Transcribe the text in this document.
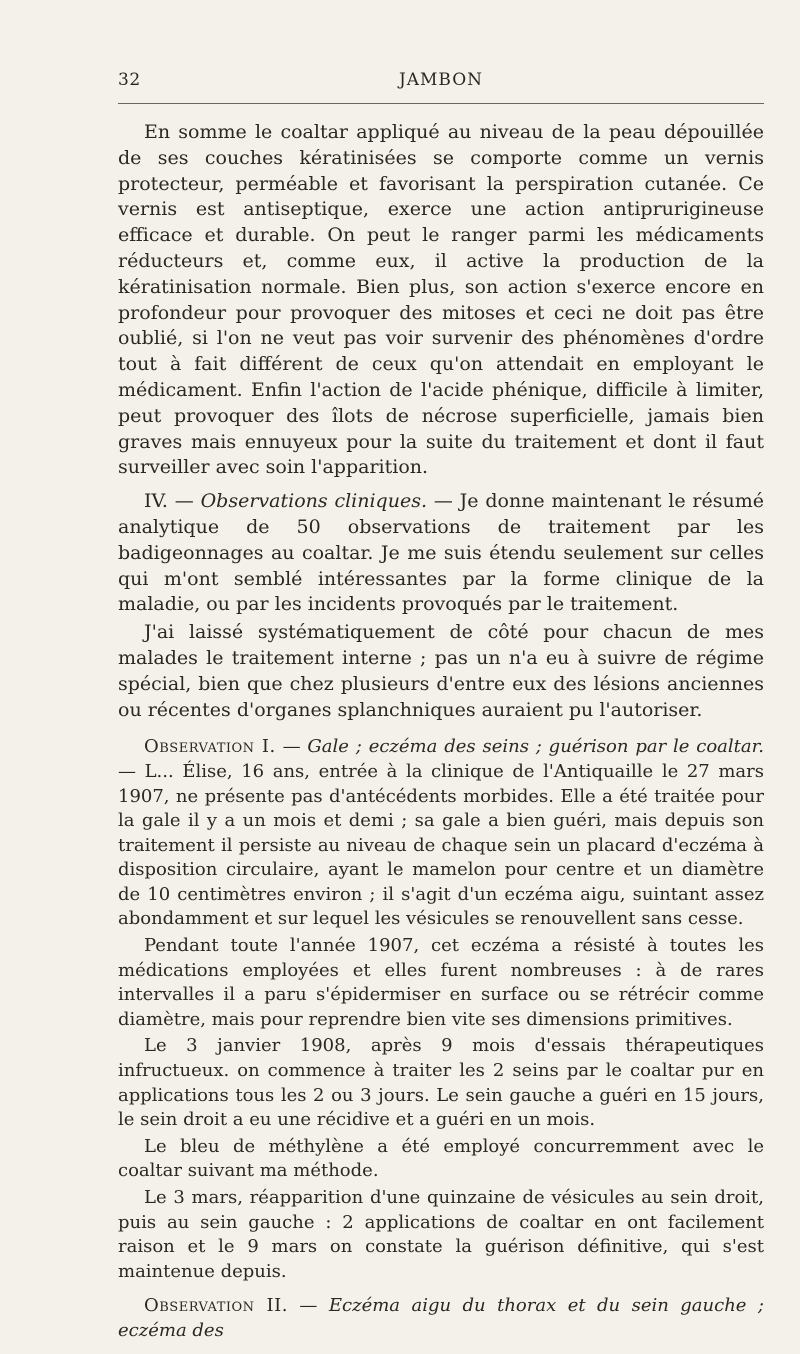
32	JAMBON

En somme le coaltar appliqué au niveau de la peau dépouillée de ses couches kératinisées se comporte comme un vernis protecteur, perméable et favorisant la perspiration cutanée. Ce vernis est antiseptique, exerce une action antiprurigineuse efficace et durable. On peut le ranger parmi les médicaments réducteurs et, comme eux, il active la production de la kératinisation normale. Bien plus, son action s'exerce encore en profondeur pour provoquer des mitoses et ceci ne doit pas être oublié, si l'on ne veut pas voir survenir des phénomènes d'ordre tout à fait différent de ceux qu'on attendait en employant le médicament. Enfin l'action de l'acide phénique, difficile à limiter, peut provoquer des îlots de nécrose superficielle, jamais bien graves mais ennuyeux pour la suite du traitement et dont il faut surveiller avec soin l'apparition.

IV. — Observations cliniques. — Je donne maintenant le résumé analytique de 50 observations de traitement par les badigeonnages au coaltar. Je me suis étendu seulement sur celles qui m'ont semblé intéressantes par la forme clinique de la maladie, ou par les incidents provoqués par le traitement.

J'ai laissé systématiquement de côté pour chacun de mes malades le traitement interne ; pas un n'a eu à suivre de régime spécial, bien que chez plusieurs d'entre eux des lésions anciennes ou récentes d'organes splanchniques auraient pu l'autoriser.

Observation I. — Gale ; eczéma des seins ; guérison par le coaltar. — L... Élise, 16 ans, entrée à la clinique de l'Antiquaille le 27 mars 1907, ne présente pas d'antécédents morbides. Elle a été traitée pour la gale il y a un mois et demi ; sa gale a bien guéri, mais depuis son traitement il persiste au niveau de chaque sein un placard d'eczéma à disposition circulaire, ayant le mamelon pour centre et un diamètre de 10 centimètres environ ; il s'agit d'un eczéma aigu, suintant assez abondamment et sur lequel les vésicules se renouvellent sans cesse.

Pendant toute l'année 1907, cet eczéma a résisté à toutes les médications employées et elles furent nombreuses : à de rares intervalles il a paru s'épidermiser en surface ou se rétrécir comme diamètre, mais pour reprendre bien vite ses dimensions primitives.

Le 3 janvier 1908, après 9 mois d'essais thérapeutiques infructueux. on commence à traiter les 2 seins par le coaltar pur en applications tous les 2 ou 3 jours. Le sein gauche a guéri en 15 jours, le sein droit a eu une récidive et a guéri en un mois.

Le bleu de méthylène a été employé concurremment avec le coaltar suivant ma méthode.

Le 3 mars, réapparition d'une quinzaine de vésicules au sein droit, puis au sein gauche : 2 applications de coaltar en ont facilement raison et le 9 mars on constate la guérison définitive, qui s'est maintenue depuis.

Observation II. — Eczéma aigu du thorax et du sein gauche ; eczéma des
